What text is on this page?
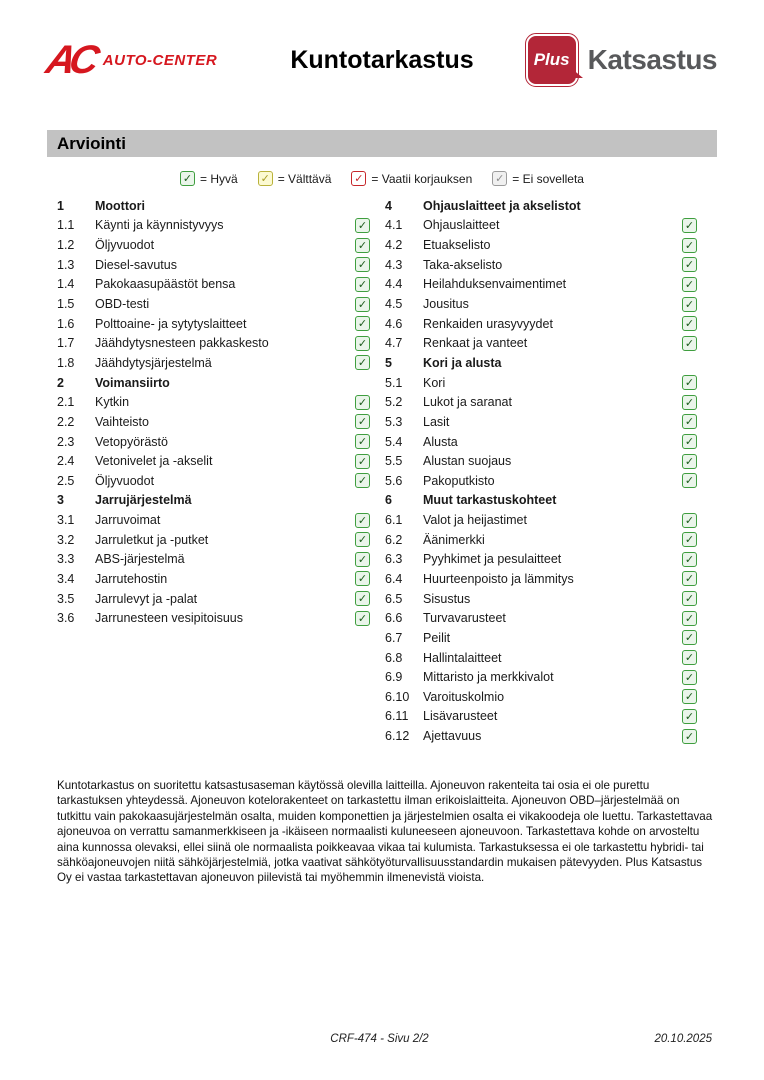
AC AUTO-CENTER	Kuntotarkastus	Plus Katsastus
Arviointi
✓ = Hyvä ✓ = Välttävä ✓ = Vaatii korjauksen ✓ = Ei sovelleta
1	Moottori
1.1	Käynti ja käynnistyvyys	✓
1.2	Öljyvuodot	✓
1.3	Diesel-savutus	✓
1.4	Pakokaasupäästöt bensa	✓
1.5	OBD-testi	✓
1.6	Polttoaine- ja sytytyslaitteet	✓
1.7	Jäähdytysnesteen pakkaskesto	✓
1.8	Jäähdytysjärjestelmä	✓
2	Voimansiirto
2.1	Kytkin	✓
2.2	Vaihteisto	✓
2.3	Vetopyörästö	✓
2.4	Vetonivelet ja -akselit	✓
2.5	Öljyvuodot	✓
3	Jarrujärjestelmä
3.1	Jarruvoimat	✓
3.2	Jarruletkut ja -putket	✓
3.3	ABS-järjestelmä	✓
3.4	Jarrutehostin	✓
3.5	Jarrulevyt ja -palat	✓
3.6	Jarrunesteen vesipitoisuus	✓
4	Ohjauslaitteet ja akselistot
4.1	Ohjauslaitteet	✓
4.2	Etuakselisto	✓
4.3	Taka-akselisto	✓
4.4	Heilahduksenvaimentimet	✓
4.5	Jousitus	✓
4.6	Renkaiden urasyvyydet	✓
4.7	Renkaat ja vanteet	✓
5	Kori ja alusta
5.1	Kori	✓
5.2	Lukot ja saranat	✓
5.3	Lasit	✓
5.4	Alusta	✓
5.5	Alustan suojaus	✓
5.6	Pakoputkisto	✓
6	Muut tarkastuskohteet
6.1	Valot ja heijastimet	✓
6.2	Äänimerkki	✓
6.3	Pyyhkimet ja pesulaitteet	✓
6.4	Huurteenpoisto ja lämmitys	✓
6.5	Sisustus	✓
6.6	Turvavarusteet	✓
6.7	Peilit	✓
6.8	Hallintalaitteet	✓
6.9	Mittaristo ja merkkivalot	✓
6.10	Varoituskolmio	✓
6.11	Lisävarusteet	✓
6.12	Ajettavuus	✓
Kuntotarkastus on suoritettu katsastusaseman käytössä olevilla laitteilla. Ajoneuvon rakenteita tai osia ei ole purettu tarkastuksen yhteydessä. Ajoneuvon kotelorakenteet on tarkastettu ilman erikoislaitteita. Ajoneuvon OBD–järjestelmää on tutkittu vain pakokaasujärjestelmän osalta, muiden komponettien ja järjestelmien osalta ei vikakoodeja ole luettu. Tarkastettavaa ajoneuvoa on verrattu samanmerkkiseen ja -ikäiseen normaalisti kuluneeseen ajoneuvoon. Tarkastettava kohde on arvosteltu aina kunnossa olevaksi, ellei siinä ole normaalista poikkeavaa vikaa tai kulumista. Tarkastuksessa ei ole tarkastettu hybridi- tai sähköajoneuvojen niitä sähköjärjestelmiä, jotka vaativat sähkötyöturvallisuusstandardin mukaisen pätevyyden. Plus Katsastus Oy ei vastaa tarkastettavan ajoneuvon piilevistä tai myöhemmin ilmenevistä vioista.
CRF-474 - Sivu 2/2	20.10.2025
